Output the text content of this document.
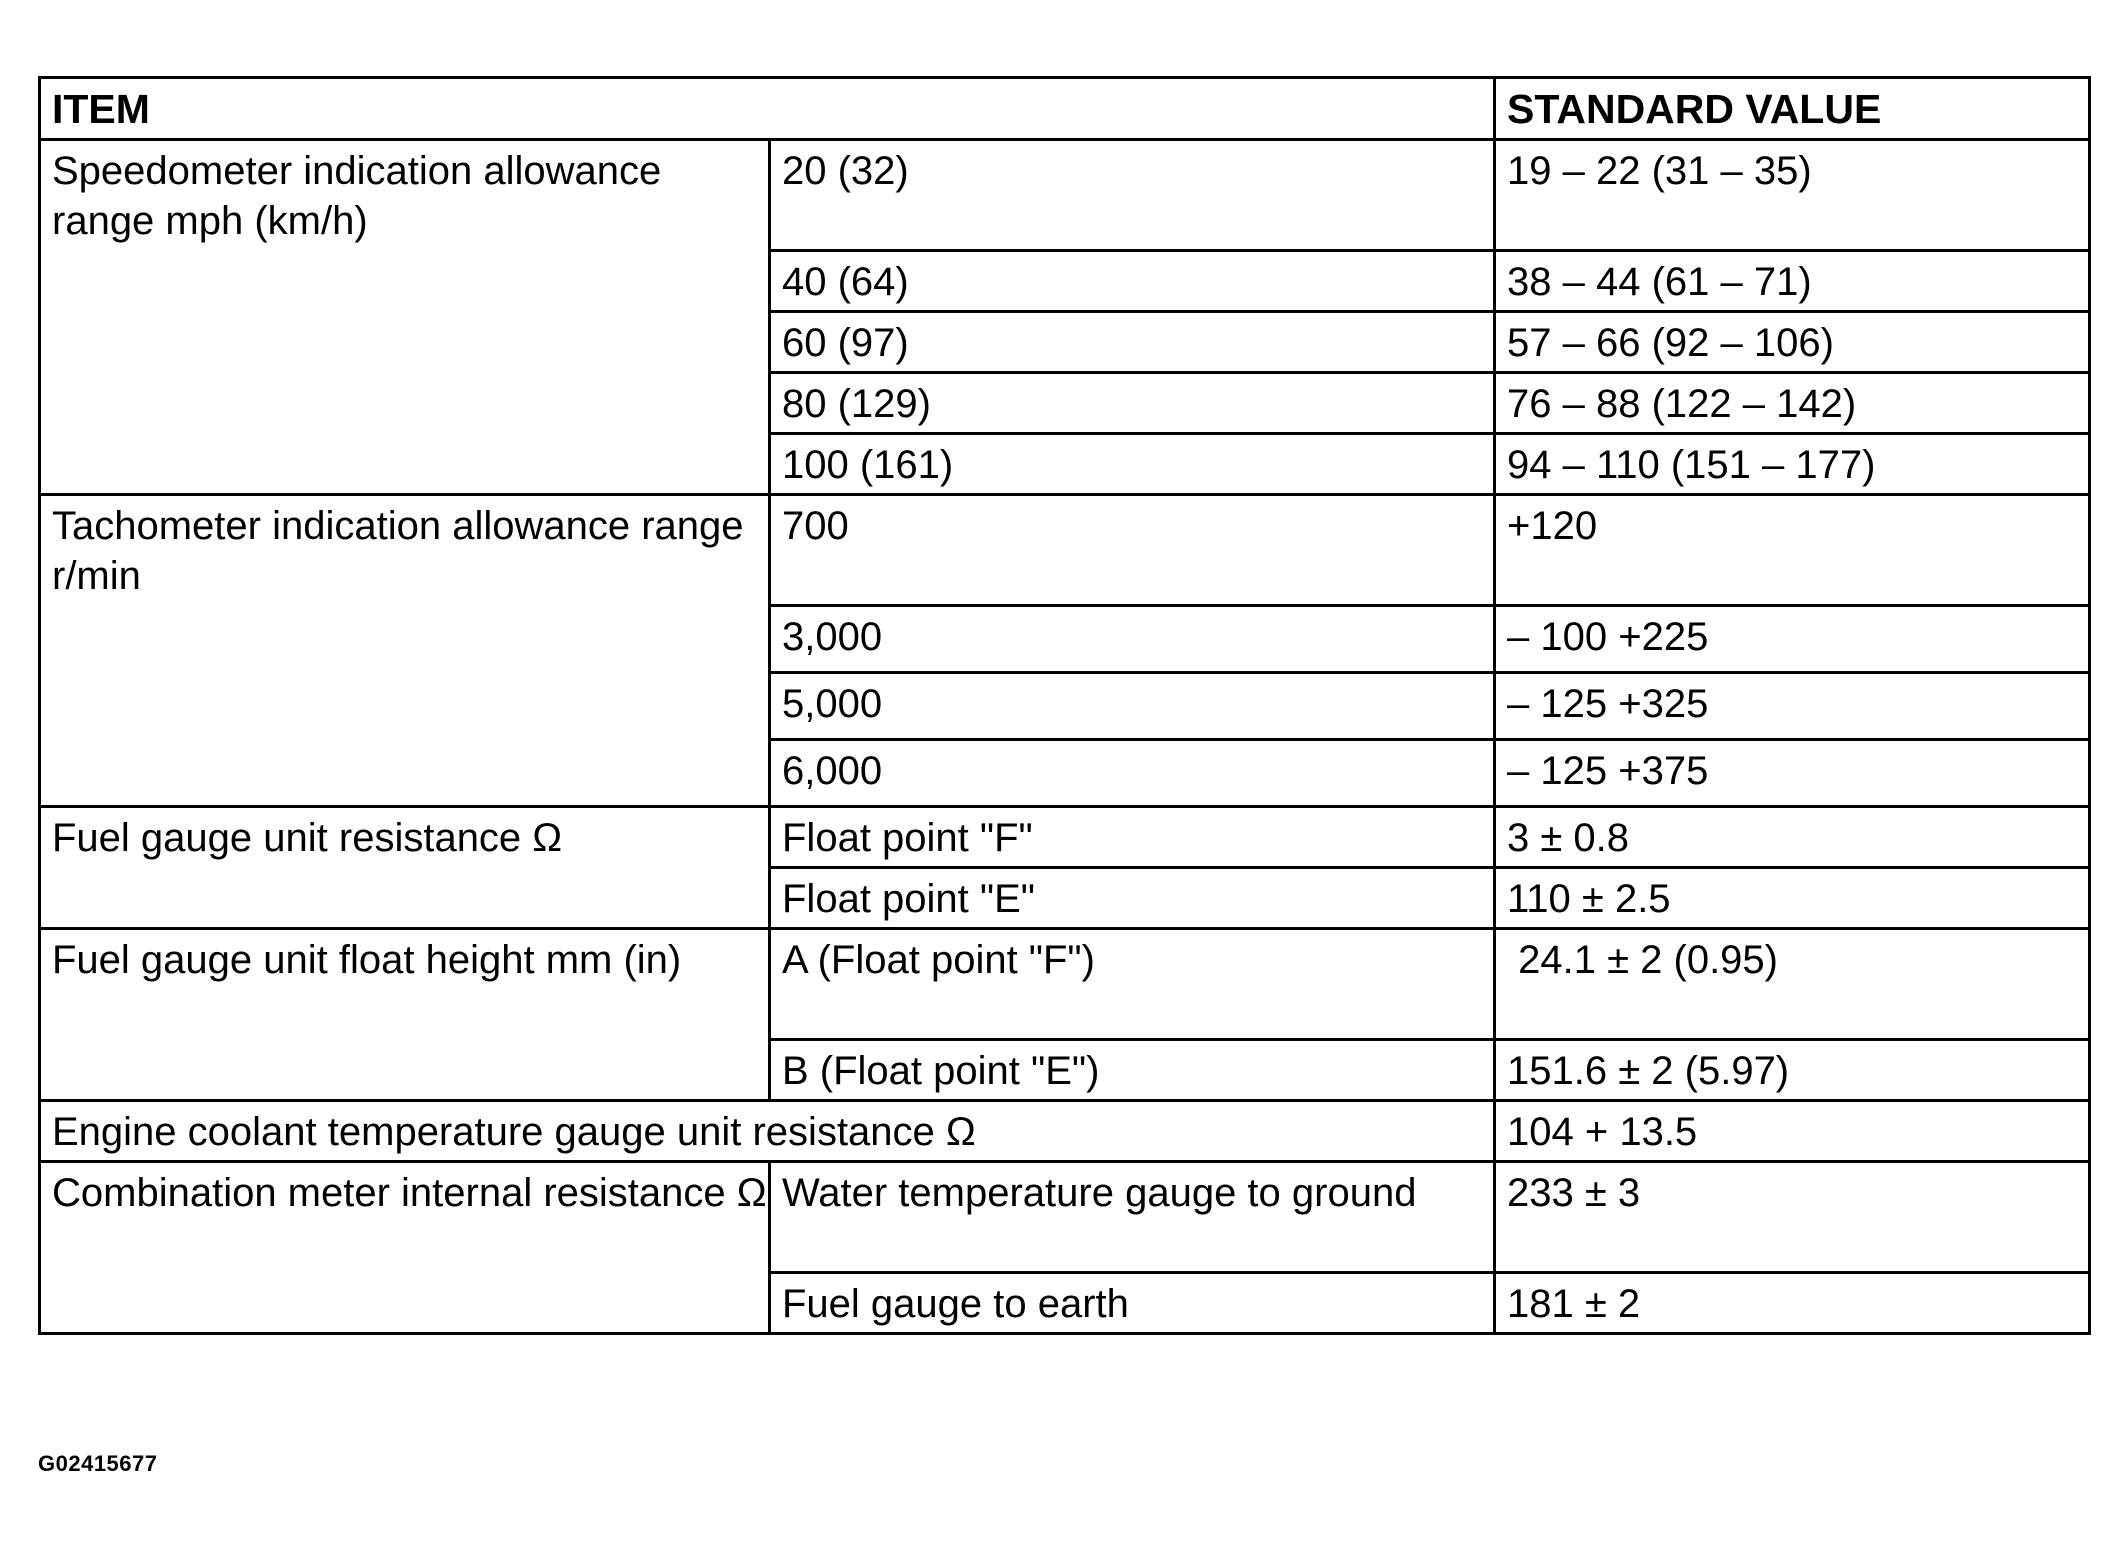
ITEM		STANDARD VALUE

Speedometer indication allowance range mph (km/h)	20 (32)	19 – 22 (31 – 35)

	40 (64)	38 – 44 (61 – 71)

	60 (97)	57 – 66 (92 – 106)

	80 (129)	76 – 88 (122 – 142)

	100 (161)	94 – 110 (151 – 177)

Tachometer indication allowance range r/min	700	+120

	3,000	– 100 +225

	5,000	– 125 +325

	6,000	– 125 +375

Fuel gauge unit resistance Ω	Float point "F"	3 ± 0.8

	Float point "E"	110 ± 2.5

Fuel gauge unit float height mm (in)	A (Float point "F")	24.1 ± 2 (0.95)

	B (Float point "E")	151.6 ± 2 (5.97)

Engine coolant temperature gauge unit resistance Ω		104 + 13.5

Combination meter internal resistance Ω	Water temperature gauge to ground	233 ± 3

	Fuel gauge to earth	181 ± 2
G02415677
